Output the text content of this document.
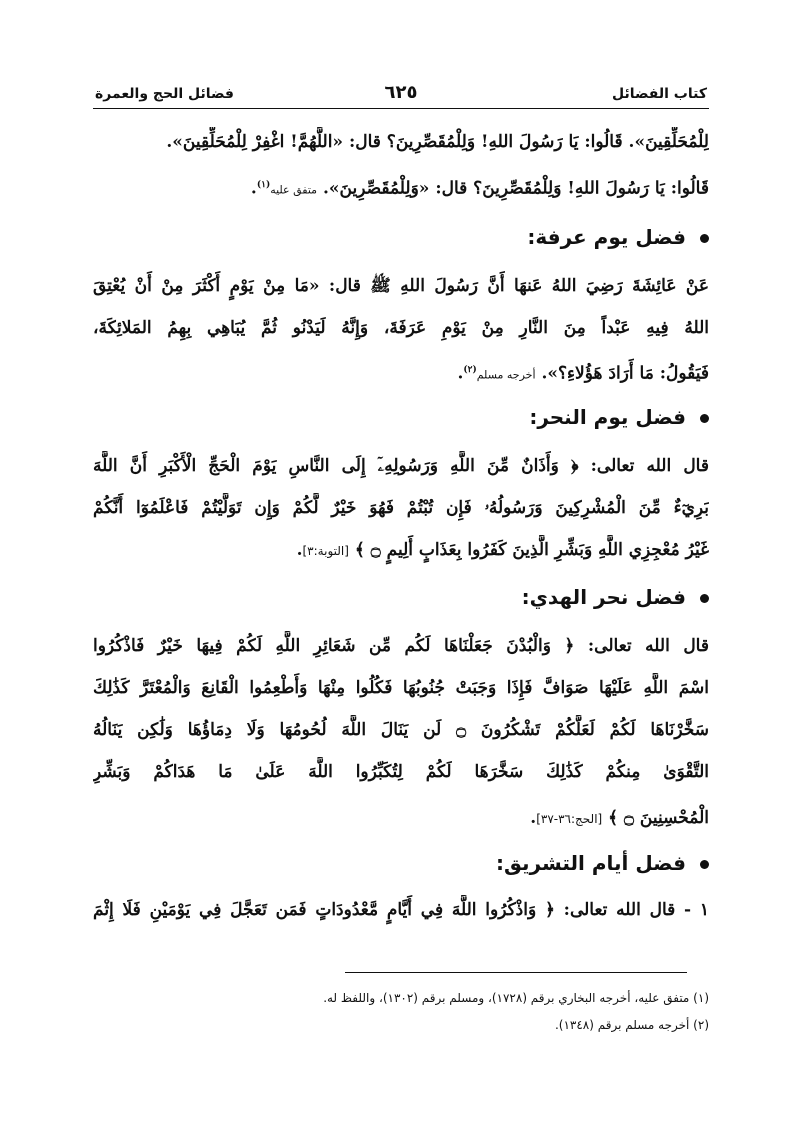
كتاب الفضائل
٦٢٥
فضائل الحج والعمرة
لِلْمُحَلِّقِينَ». قَالُوا: يَا رَسُولَ اللهِ! وَلِلْمُقَصِّرِينَ؟ قال: «اللَّهُمَّ! اغْفِرْ لِلْمُحَلِّقِينَ».
قَالُوا: يَا رَسُولَ اللهِ! وَلِلْمُقَصِّرِينَ؟ قال: «وَلِلْمُقَصِّرِينَ». متفق عليه$^{(١)}$.
فضل يوم عرفة:
عَنْ عَائِشَةَ رَضِيَ اللهُ عَنهَا أَنَّ رَسُولَ اللهِ ﷺ قال: «مَا مِنْ يَوْمٍ أَكْثَرَ مِنْ أَنْ يُعْتِقَ
اللهُ فِيهِ عَبْداً مِنَ النَّارِ مِنْ يَوْمِ عَرَفَةَ، وَإِنَّهُ لَيَدْنُو ثُمَّ يُبَاهِي بِهِمُ المَلائِكَةَ،
فَيَقُولُ: مَا أَرَادَ هَؤُلاءِ؟». أخرجه مسلم$^{(٢)}$.
فضل يوم النحر:
قال الله تعالى: ﴿ وَأَذَانٌ مِّنَ اللَّهِ وَرَسُولِهِۦٓ إِلَى النَّاسِ يَوْمَ الْحَجِّ الْأَكْبَرِ أَنَّ اللَّهَ
بَرِيٓءٌ مِّنَ الْمُشْرِكِينَ وَرَسُولُهُۥ فَإِن تُبْتُمْ فَهُوَ خَيْرٌ لَّكُمْ وَإِن تَوَلَّيْتُمْ فَاعْلَمُوٓا أَنَّكُمْ
غَيْرُ مُعْجِزِي اللَّهِ وَبَشِّرِ الَّذِينَ كَفَرُوا بِعَذَابٍ أَلِيمٍ ۝ ﴾ [التوبة:٣].
فضل نحر الهدي:
قال الله تعالى: ﴿ وَالْبُدْنَ جَعَلْنَاهَا لَكُم مِّن شَعَائِرِ اللَّهِ لَكُمْ فِيهَا خَيْرٌ فَاذْكُرُوا
اسْمَ اللَّهِ عَلَيْهَا صَوَافَّ فَإِذَا وَجَبَتْ جُنُوبُهَا فَكُلُوا مِنْهَا وَأَطْعِمُوا الْقَانِعَ وَالْمُعْتَرَّ كَذَٰلِكَ
سَخَّرْنَاهَا لَكُمْ لَعَلَّكُمْ تَشْكُرُونَ ۝ لَن يَنَالَ اللَّهَ لُحُومُهَا وَلَا دِمَاؤُهَا وَلَٰكِن يَنَالُهُ
التَّقْوَىٰ مِنكُمْ كَذَٰلِكَ سَخَّرَهَا لَكُمْ لِتُكَبِّرُوا اللَّهَ عَلَىٰ مَا هَدَاكُمْ وَبَشِّرِ
الْمُحْسِنِينَ ۝ ﴾ [الحج:٣٦-٣٧].
فضل أيام التشريق:
١ - قال الله تعالى: ﴿ وَاذْكُرُوا اللَّهَ فِي أَيَّامٍ مَّعْدُودَاتٍ فَمَن تَعَجَّلَ فِي يَوْمَيْنِ فَلَا إِثْمَ
(١) متفق عليه، أخرجه البخاري برقم (١٧٢٨)، ومسلم برقم (١٣٠٢)، واللفظ له.
(٢) أخرجه مسلم برقم (١٣٤٨).
